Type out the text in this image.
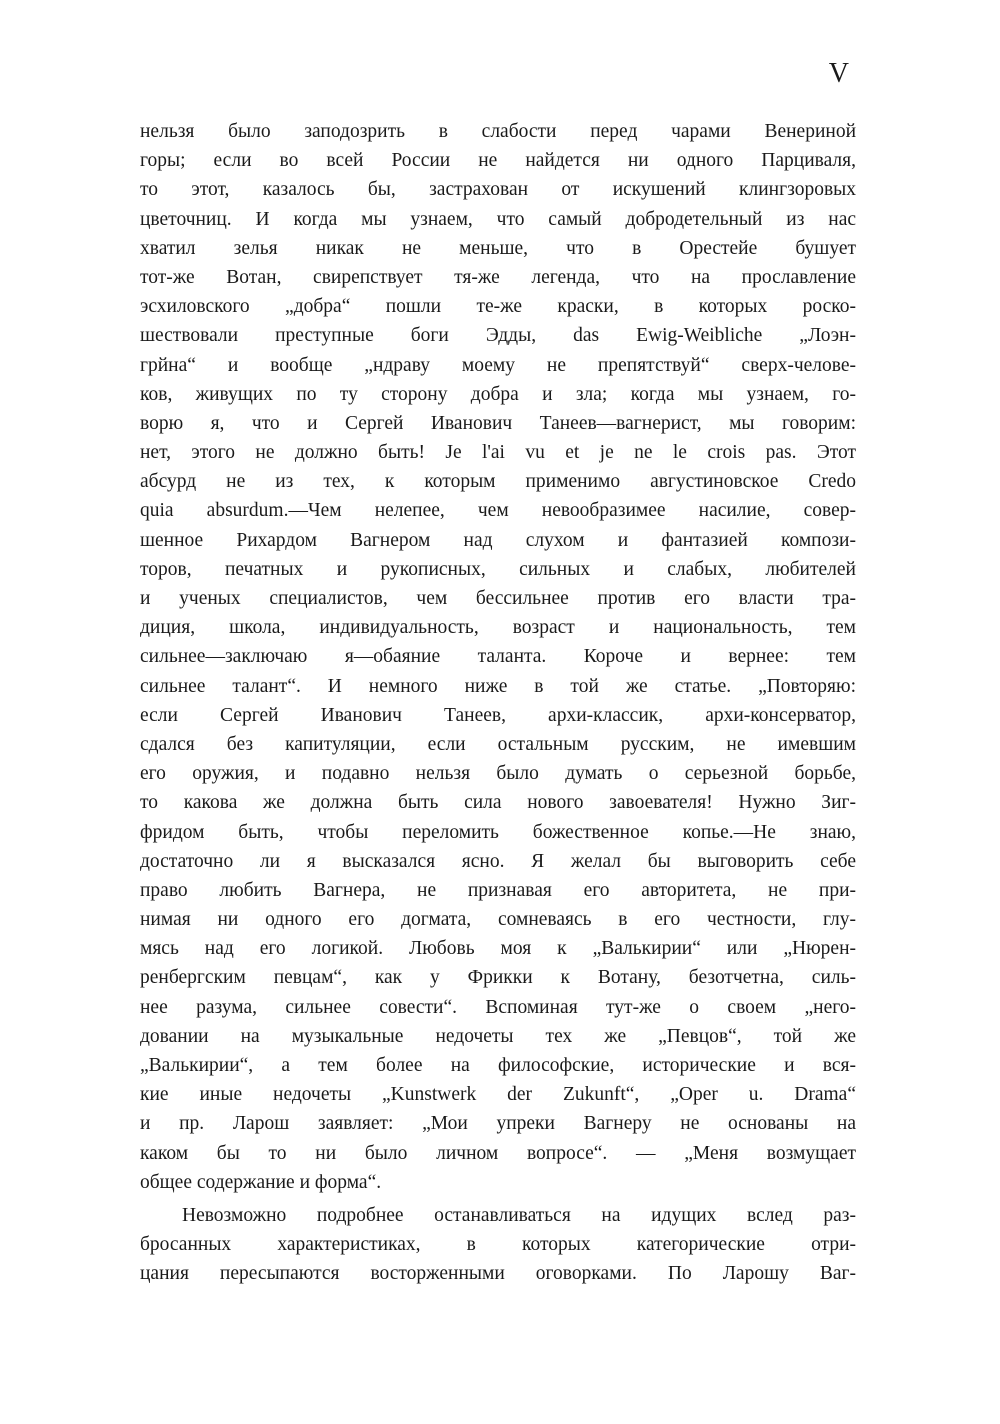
V
нельзя было заподозрить в слабости перед чарами Венериной
горы; если во всей России не найдется ни одного Парциваля,
то этот, казалось бы, застрахован от искушений клингзоровых
цветочниц. И когда мы узнаем, что самый добродетельный из нас
хватил зелья никак не меньше, что в Орестейе бушует
тот-же Вотан, свирепствует тя-же легенда, что на прославление
эсхиловского „добра“ пошли те-же краски, в которых роско-
шествовали преступные боги Эдды, das Ewig-Weibliche „Лоэн-
грйна“ и вообще „ндраву моему не препятствуй“ сверх-челове-
ков, живущих по ту сторону добра и зла; когда мы узнаем, го-
ворю я, что и Сергей Иванович Танеев—вагнерист, мы говорим:
нет, этого не должно быть! Je l'ai vu et je ne le crois pas. Этот
абсурд не из тех, к которым применимо августиновское Credo
quia absurdum.—Чем нелепее, чем невообразимее насилие, совер-
шенное Рихардом Вагнером над слухом и фантазией компози-
торов, печатных и рукописных, сильных и слабых, любителей
и ученых специалистов, чем бессильнее против его власти тра-
диция, школа, индивидуальность, возраст и национальность, тем
сильнее—заключаю я—обаяние таланта. Короче и вернее: тем
сильнее талант“. И немного ниже в той же статье. „Повторяю:
если Сергей Иванович Танеев, архи-классик, архи-консерватор,
сдался без капитуляции, если остальным русским, не имевшим
его оружия, и подавно нельзя было думать о серьезной борьбе,
то какова же должна быть сила нового завоевателя! Нужно Зиг-
фридом быть, чтобы переломить божественное копье.—Не знаю,
достаточно ли я высказался ясно. Я желал бы выговорить себе
право любить Вагнера, не признавая его авторитета, не при-
нимая ни одного его догмата, сомневаясь в его честности, глу-
мясь над его логикой. Любовь моя к „Валькирии“ или „Нюрен-
ренбергским певцам“, как у Фрикки к Вотану, безотчетна, силь-
нее разума, сильнее совести“. Вспоминая тут-же о своем „него-
довании на музыкальные недочеты тех же „Певцов“, той же
„Валькирии“, а тем более на философские, исторические и вся-
кие иные недочеты „Kunstwerk der Zukunft“, „Oper u. Drama“
и пр. Ларош заявляет: „Мои упреки Вагнеру не основаны на
каком бы то ни было личном вопросе“. — „Меня возмущает
общее содержание и форма“.
Невозможно подробнее останавливаться на идущих вслед раз-
бросанных характеристиках, в которых категорические отри-
цания пересыпаются восторженными оговорками. По Ларошу Ваг-
